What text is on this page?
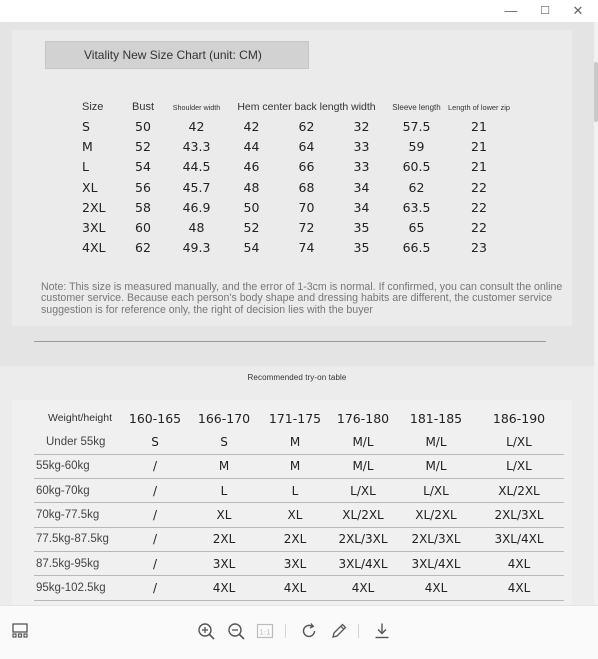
—	☐	✕
Vitality New Size Chart (unit: CM)
Size	Bust	Shoulder width	Hem center back length width			Sleeve length	Length of lower zip
S	50	42	42	62	32	57.5	21
M	52	43.3	44	64	33	59	21
L	54	44.5	46	66	33	60.5	21
XL	56	45.7	48	68	34	62	22
2XL	58	46.9	50	70	34	63.5	22
3XL	60	48	52	72	35	65	22
4XL	62	49.3	54	74	35	66.5	23
Note: This size is measured manually, and the error of 1-3cm is normal. If confirmed, you can consult the online customer service. Because each person's body shape and dressing habits are different, the customer service suggestion is for reference only, the right of decision lies with the buyer
Recommended try-on table
Weight/height	160-165	166-170	171-175	176-180	181-185	186-190
Under 55kg	S	S	M	M/L	M/L	L/XL
55kg-60kg	/	M	M	M/L	M/L	L/XL
60kg-70kg	/	L	L	L/XL	L/XL	XL/2XL
70kg-77.5kg	/	XL	XL	XL/2XL	XL/2XL	2XL/3XL
77.5kg-87.5kg	/	2XL	2XL	2XL/3XL	2XL/3XL	3XL/4XL
87.5kg-95kg	/	3XL	3XL	3XL/4XL	3XL/4XL	4XL
95kg-102.5kg	/	4XL	4XL	4XL	4XL	4XL
1:1
